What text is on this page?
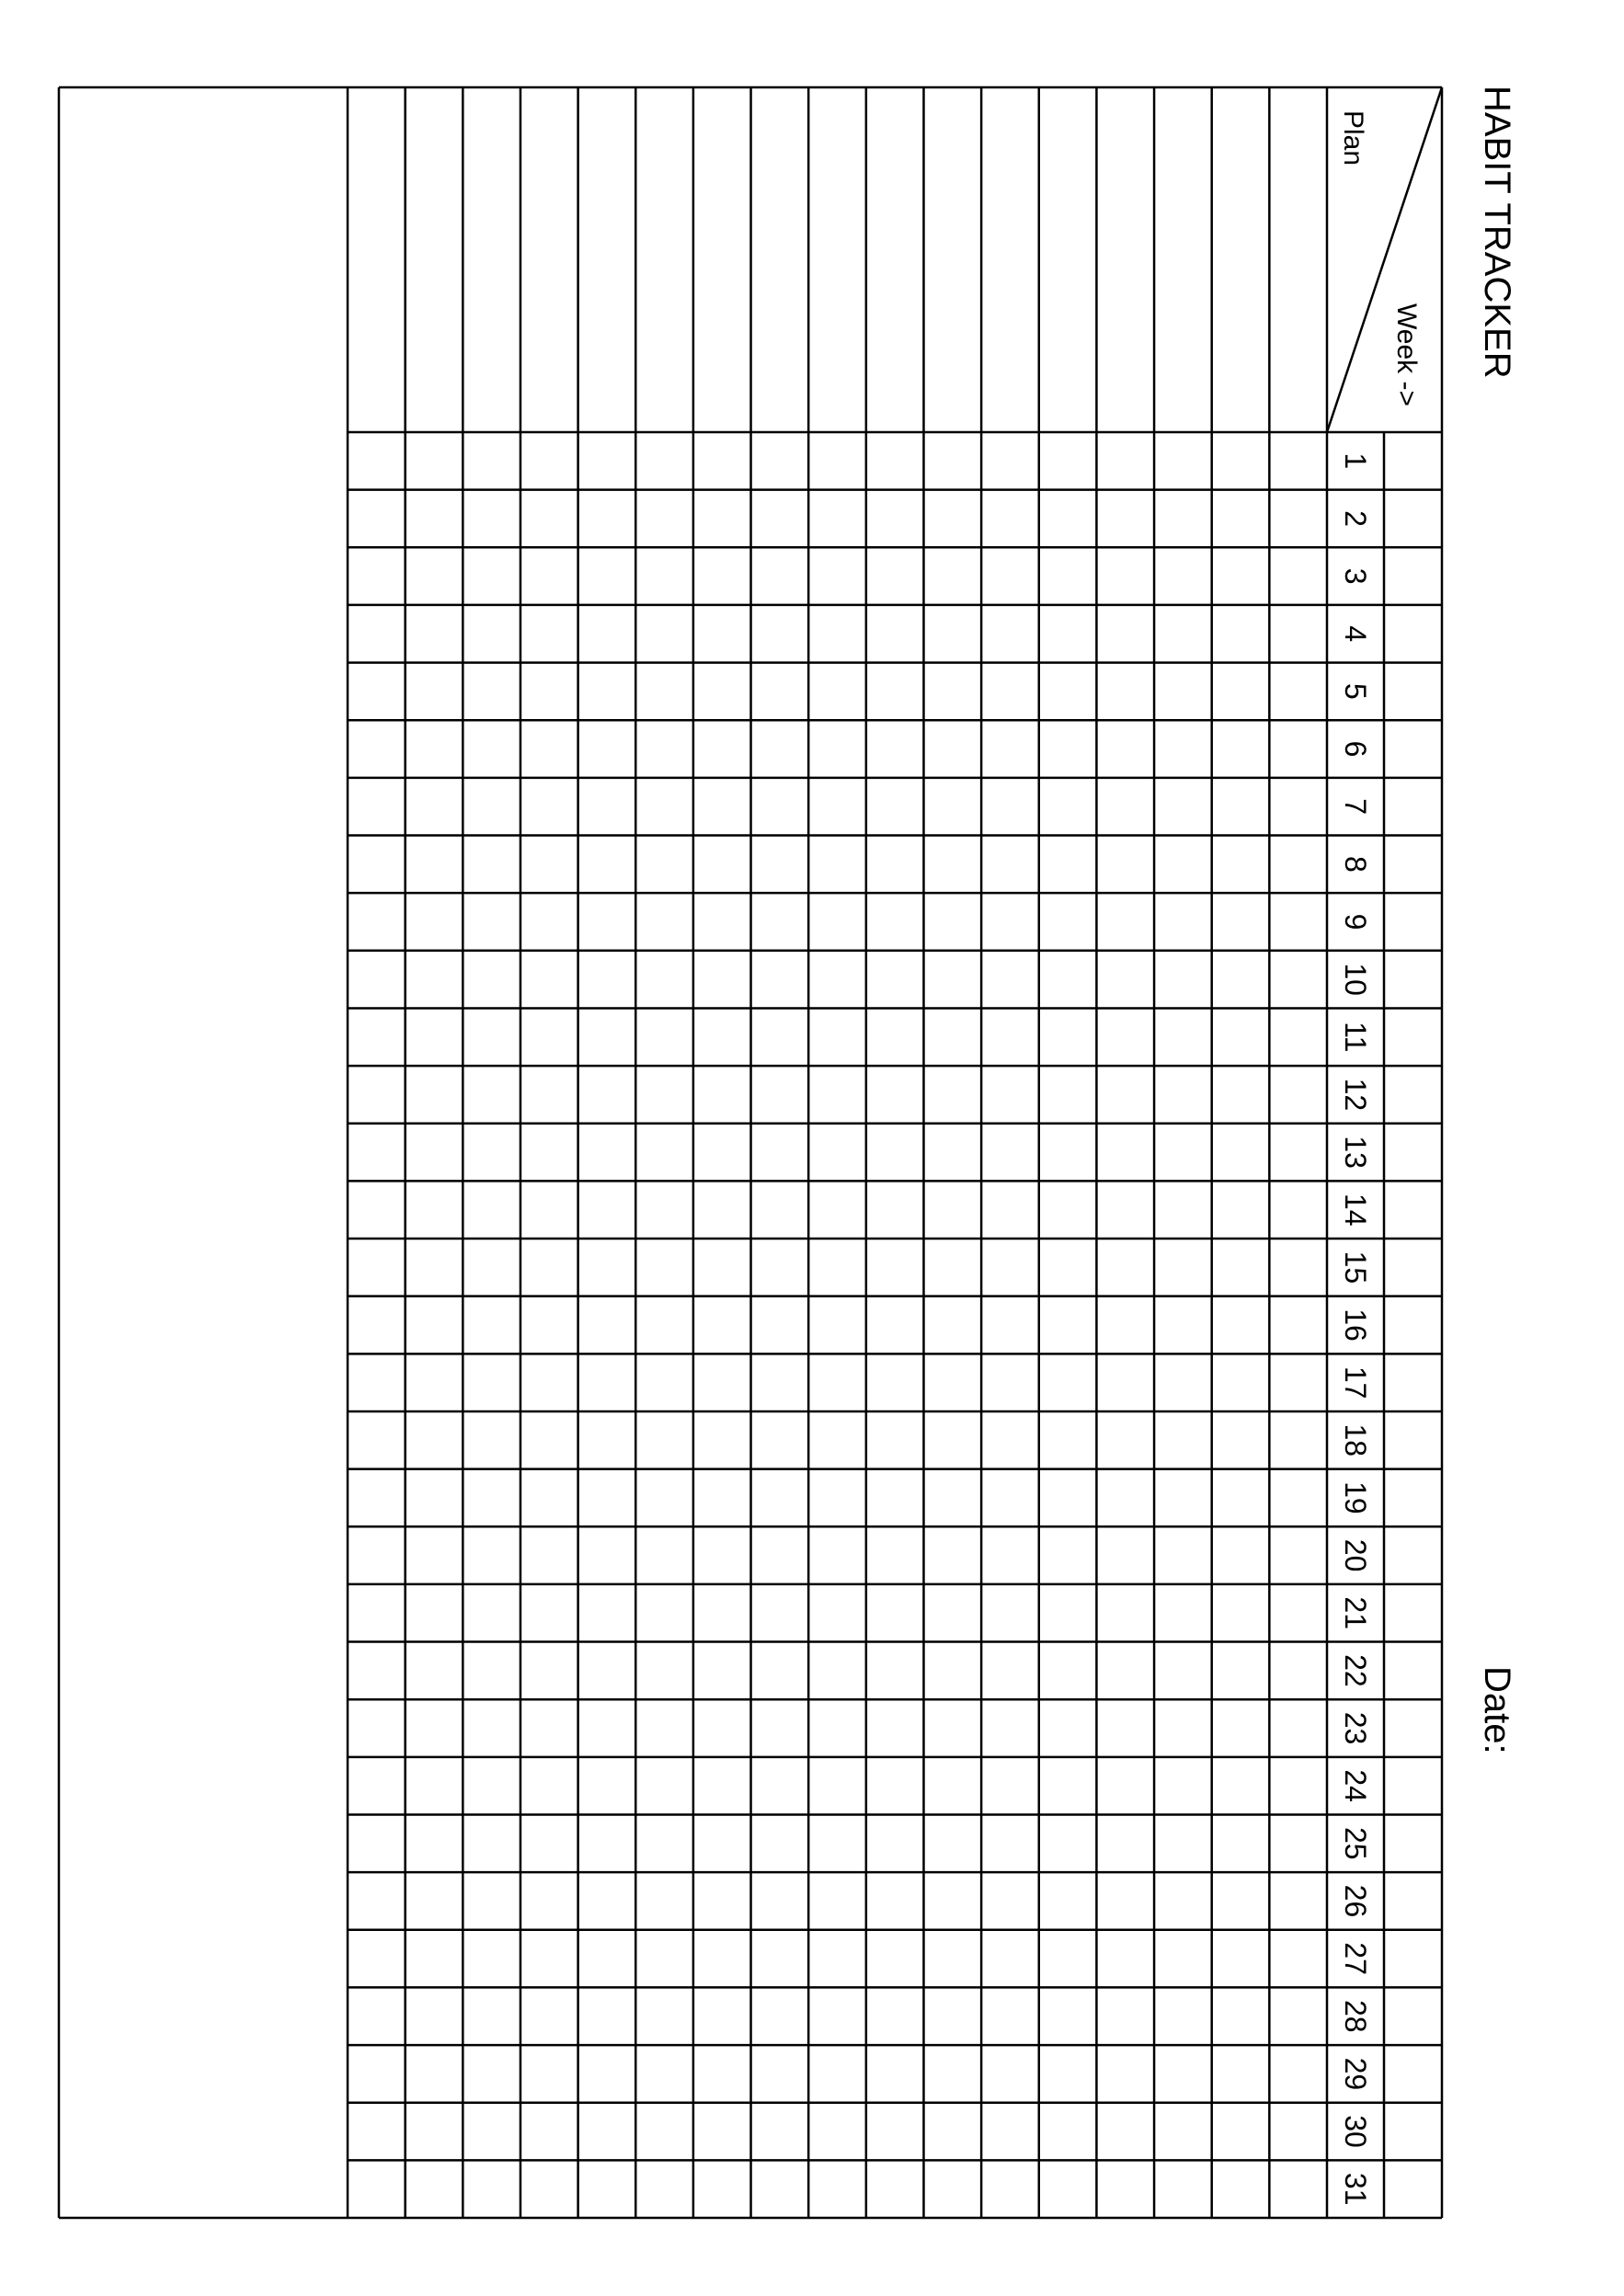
HABIT TRACKER
Date:
Plan
Week ->
1
2
3
4
5
6
7
8
9
10
11
12
13
14
15
16
17
18
19
20
21
22
23
24
25
26
27
28
29
30
31
